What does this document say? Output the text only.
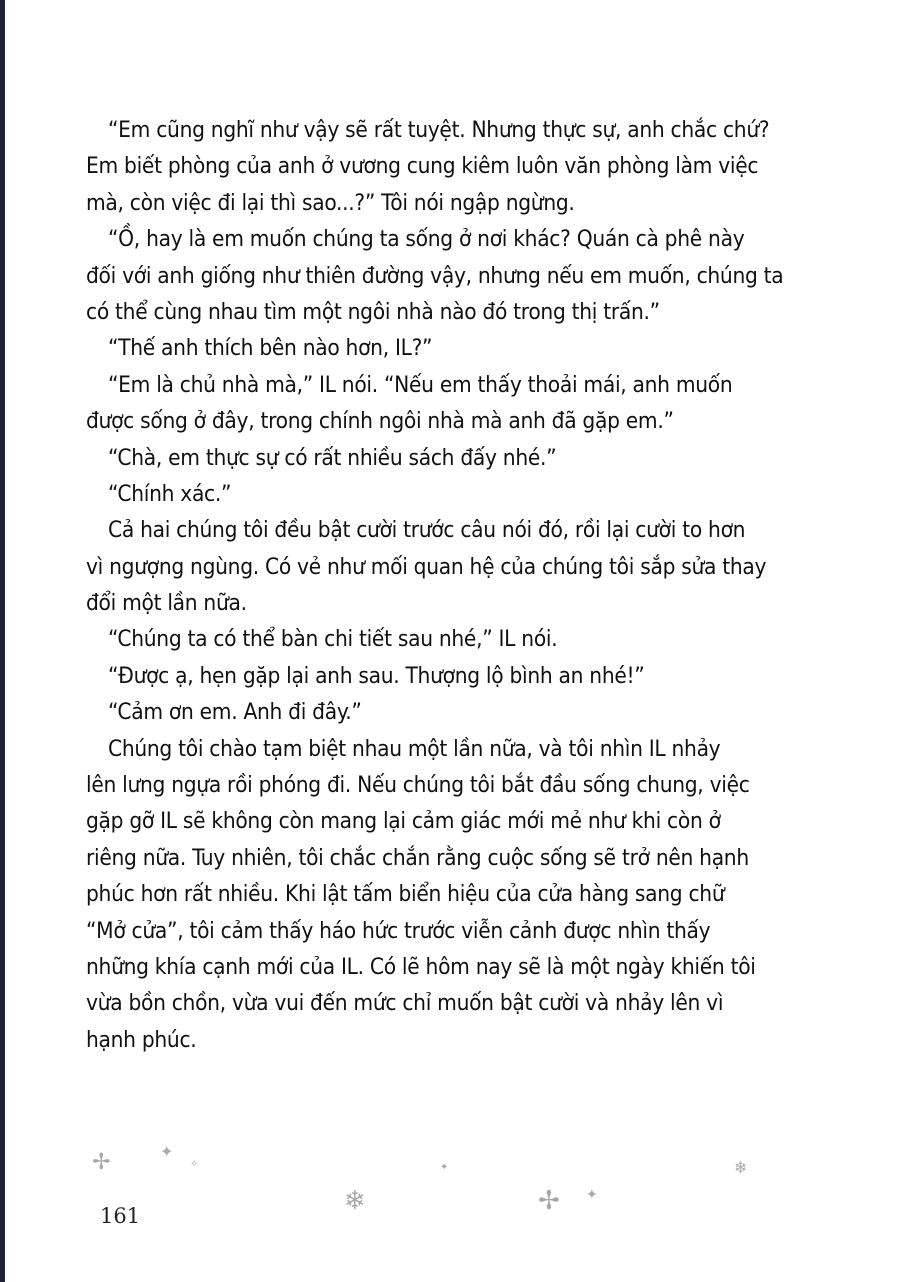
“Em cũng nghĩ như vậy sẽ rất tuyệt. Nhưng thực sự, anh chắc chứ?
Em biết phòng của anh ở vương cung kiêm luôn văn phòng làm việc
mà, còn việc đi lại thì sao...?” Tôi nói ngập ngừng.
“Ồ, hay là em muốn chúng ta sống ở nơi khác? Quán cà phê này
đối với anh giống như thiên đường vậy, nhưng nếu em muốn, chúng ta
có thể cùng nhau tìm một ngôi nhà nào đó trong thị trấn.”
“Thế anh thích bên nào hơn, IL?”
“Em là chủ nhà mà,” IL nói. “Nếu em thấy thoải mái, anh muốn
được sống ở đây, trong chính ngôi nhà mà anh đã gặp em.”
“Chà, em thực sự có rất nhiều sách đấy nhé.”
“Chính xác.”
Cả hai chúng tôi đều bật cười trước câu nói đó, rồi lại cười to hơn
vì ngượng ngùng. Có vẻ như mối quan hệ của chúng tôi sắp sửa thay
đổi một lần nữa.
“Chúng ta có thể bàn chi tiết sau nhé,” IL nói.
“Được ạ, hẹn gặp lại anh sau. Thượng lộ bình an nhé!”
“Cảm ơn em. Anh đi đây.”
Chúng tôi chào tạm biệt nhau một lần nữa, và tôi nhìn IL nhảy
lên lưng ngựa rồi phóng đi. Nếu chúng tôi bắt đầu sống chung, việc
gặp gỡ IL sẽ không còn mang lại cảm giác mới mẻ như khi còn ở
riêng nữa. Tuy nhiên, tôi chắc chắn rằng cuộc sống sẽ trở nên hạnh
phúc hơn rất nhiều. Khi lật tấm biển hiệu của cửa hàng sang chữ
“Mở cửa”, tôi cảm thấy háo hức trước viễn cảnh được nhìn thấy
những khía cạnh mới của IL. Có lẽ hôm nay sẽ là một ngày khiến tôi
vừa bồn chồn, vừa vui đến mức chỉ muốn bật cười và nhảy lên vì
hạnh phúc.
✢	✦
✧	✦
❄	✢ ✦
❄
161
